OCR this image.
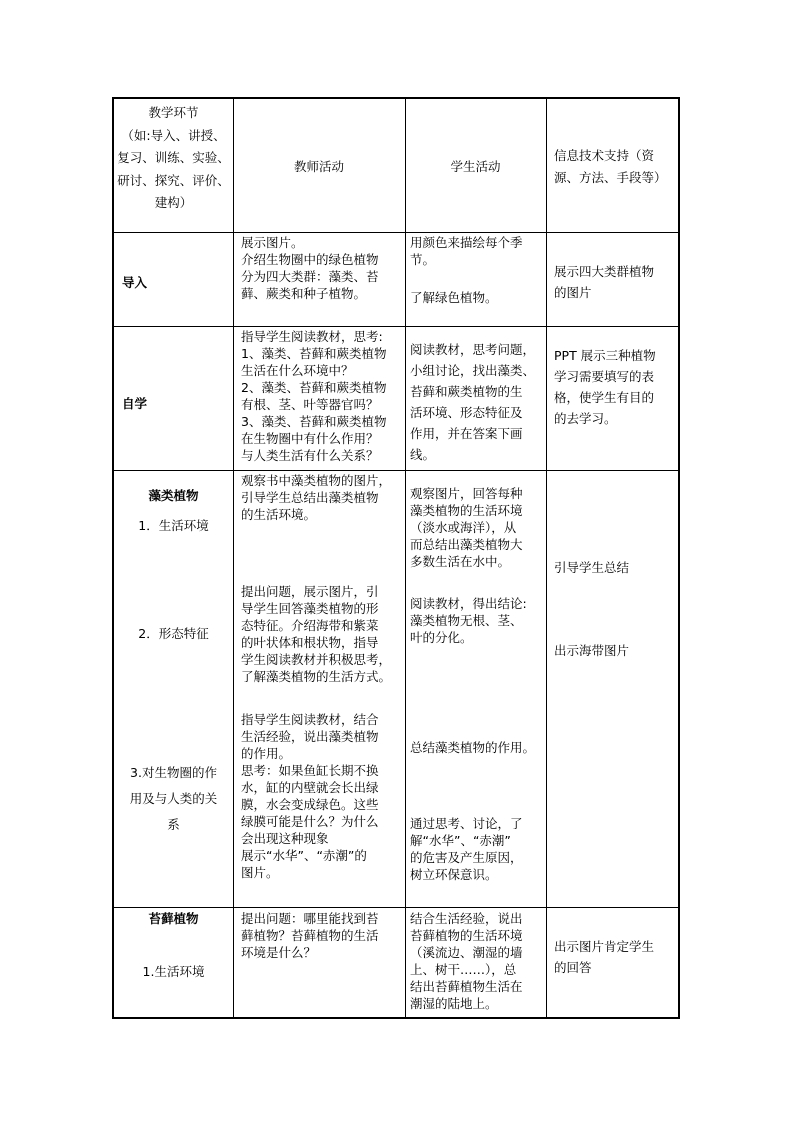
教学环节
（如:导入、讲授、
复习、训练、实验、
研讨、探究、评价、
建构）
教师活动	学生活动
信息技术支持（资
源、方法、手段等）
导入
展示图片。
介绍生物圈中的绿色植物
分为四大类群：藻类、苔
藓、蕨类和种子植物。
用颜色来描绘每个季
节。
了解绿色植物。
展示四大类群植物
的图片
自学
指导学生阅读教材，思考:
1、藻类、苔藓和蕨类植物
生活在什么环境中？
2、藻类、苔藓和蕨类植物
有根、茎、叶等器官吗？
3、藻类、苔藓和蕨类植物
在生物圈中有什么作用？
与人类生活有什么关系？
阅读教材，思考问题，
小组讨论，找出藻类、
苔藓和蕨类植物的生
活环境、形态特征及
作用，并在答案下画
线。
PPT 展示三种植物
学习需要填写的表
格，使学生有目的
的去学习。
藻类植物
1．生活环境
2．形态特征
3.对生物圈的作
用及与人类的关
系
观察书中藻类植物的图片，
引导学生总结出藻类植物
的生活环境。
提出问题，展示图片，引
导学生回答藻类植物的形
态特征。介绍海带和紫菜
的叶状体和根状物，指导
学生阅读教材并积极思考，
了解藻类植物的生活方式。
指导学生阅读教材，结合
生活经验，说出藻类植物
的作用。
思考：如果鱼缸长期不换
水，缸的内壁就会长出绿
膜，水会变成绿色。这些
绿膜可能是什么？为什么
会出现这种现象
展示“水华”、“赤潮”的
图片。
观察图片，回答每种
藻类植物的生活环境
（淡水或海洋），从
而总结出藻类植物大
多数生活在水中。
阅读教材，得出结论:
藻类植物无根、茎、
叶的分化。
总结藻类植物的作用。
通过思考、讨论，了
解“水华”、“赤潮”
的危害及产生原因，
树立环保意识。
引导学生总结
出示海带图片
苔藓植物
1.生活环境
提出问题：哪里能找到苔
藓植物？苔藓植物的生活
环境是什么？
结合生活经验，说出
苔藓植物的生活环境
（溪流边、潮湿的墙
上、树干……），总
结出苔藓植物生活在
潮湿的陆地上。
出示图片肯定学生
的回答
